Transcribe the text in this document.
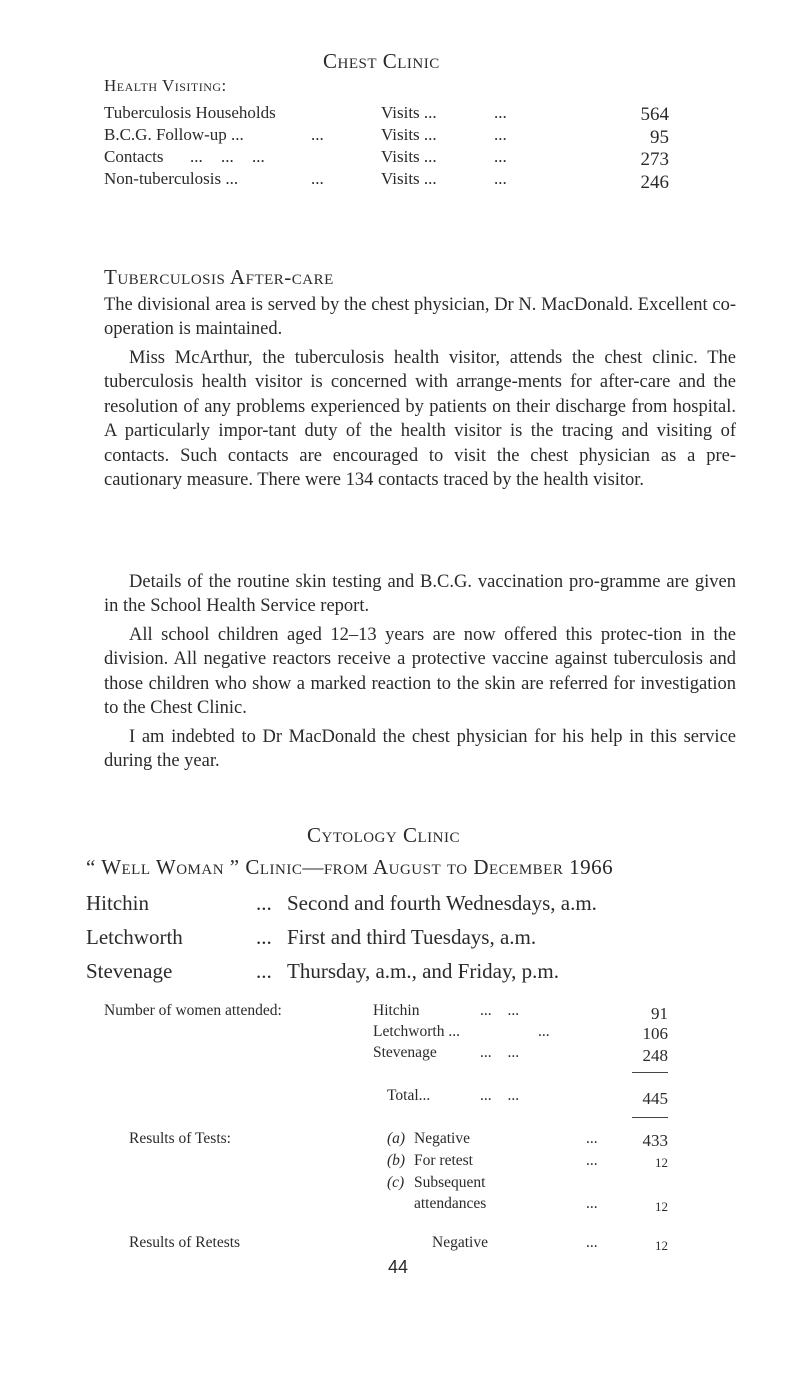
Chest Clinic
Health Visiting:
Tuberculosis Households	Visits ...	...	564
B.C.G. Follow-up ...	...	Visits ...	...	95
Contacts ... ... ...	Visits ...	...	273
Non-tuberculosis ...	...	Visits ...	...	246
Tuberculosis After-care
The divisional area is served by the chest physician, Dr N. MacDonald. Excellent co-operation is maintained.
Miss McArthur, the tuberculosis health visitor, attends the chest clinic. The tuberculosis health visitor is concerned with arrange-ments for after-care and the resolution of any problems experienced by patients on their discharge from hospital. A particularly impor-tant duty of the health visitor is the tracing and visiting of contacts. Such contacts are encouraged to visit the chest physician as a pre-cautionary measure. There were 134 contacts traced by the health visitor.
Details of the routine skin testing and B.C.G. vaccination pro-gramme are given in the School Health Service report.
All school children aged 12–13 years are now offered this protec-tion in the division. All negative reactors receive a protective vaccine against tuberculosis and those children who show a marked reaction to the skin are referred for investigation to the Chest Clinic.
I am indebted to Dr MacDonald the chest physician for his help in this service during the year.
Cytology Clinic
“ Well Woman ” Clinic—from August to December 1966
Hitchin	... Second and fourth Wednesdays, a.m.
Letchworth	... First and third Tuesdays, a.m.
Stevenage	... Thursday, a.m., and Friday, p.m.
Number of women attended:	Hitchin	... ...	91
Letchworth ...	...	106
Stevenage	... ...	248
Total...	... ...	445
Results of Tests:	(a) Negative	...	433
(b) For retest	...	12
(c) Subsequent
attendances	...	12
Results of Retests	Negative	...	12
44
